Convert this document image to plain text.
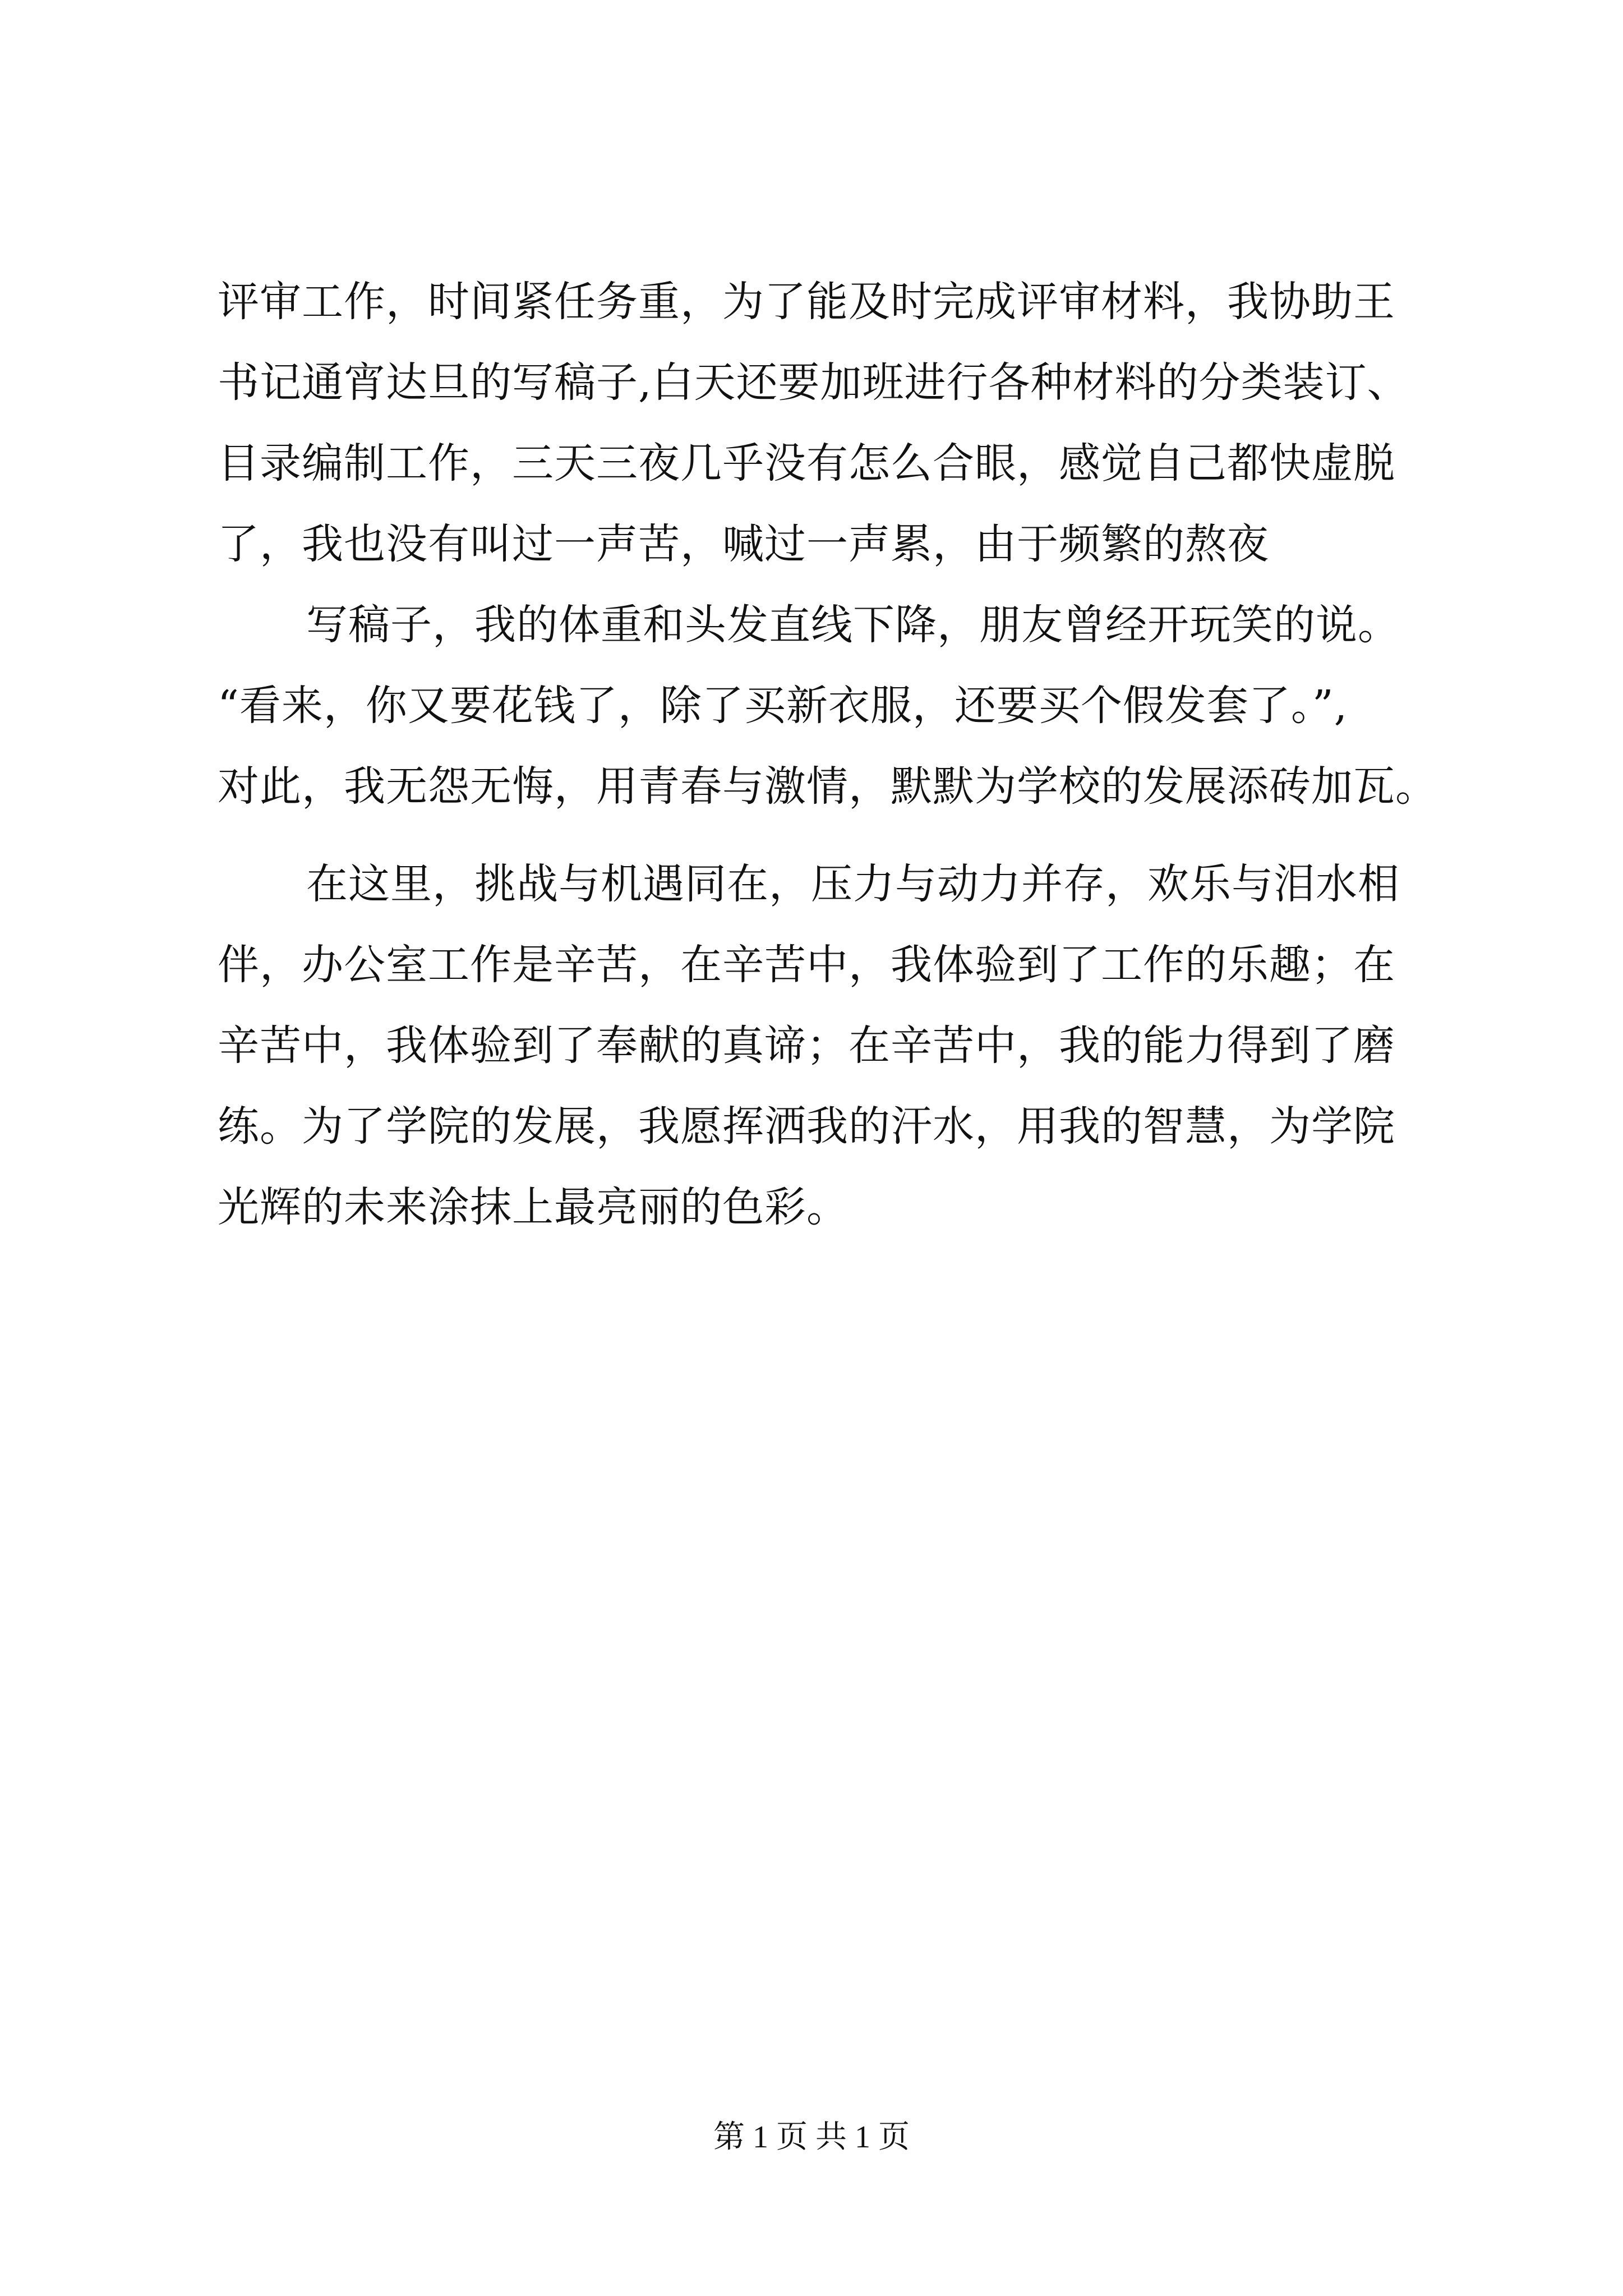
评审工作，时间紧任务重，为了能及时完成评审材料，我协助王
书记通宵达旦的写稿子,白天还要加班进行各种材料的分类装订、
目录编制工作，三天三夜几乎没有怎么合眼，感觉自己都快虚脱
了，我也没有叫过一声苦，喊过一声累，由于频繁的熬夜
写稿子，我的体重和头发直线下降，朋友曾经开玩笑的说。
“看来，你又要花钱了，除了买新衣服，还要买个假发套了。”,
对此，我无怨无悔，用青春与激情，默默为学校的发展添砖加瓦。
在这里，挑战与机遇同在，压力与动力并存，欢乐与泪水相
伴，办公室工作是辛苦，在辛苦中，我体验到了工作的乐趣；在
辛苦中，我体验到了奉献的真谛；在辛苦中，我的能力得到了磨
练。为了学院的发展，我愿挥洒我的汗水，用我的智慧，为学院
光辉的未来涂抹上最亮丽的色彩。
第 1 页 共 1 页
